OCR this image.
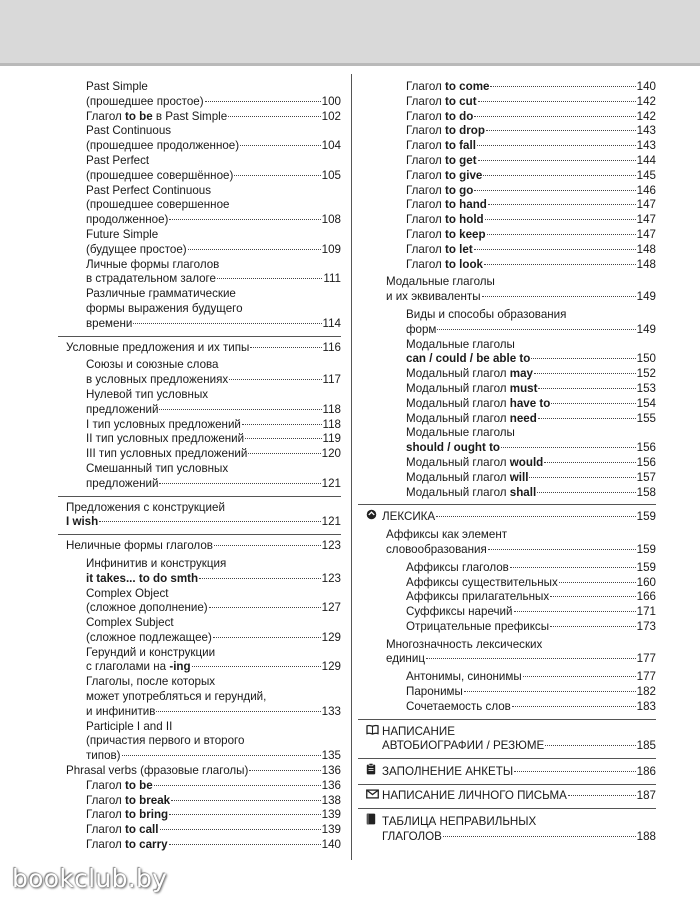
Past Simple
(прошедшее простое)	100
Глагол to be в Past Simple	102
Past Continuous
(прошедшее продолженное)	104
Past Perfect
(прошедшее совершённое)	105
Past Perfect Continuous
(прошедшее совершенное
продолженное)	108
Future Simple
(будущее простое)	109
Личные формы глаголов
в страдательном залоге	111
Различные грамматические
формы выражения будущего
времени	114
Условные предложения и их типы	116
Союзы и союзные слова
в условных предложениях	117
Нулевой тип условных
предложений	118
I тип условных предложений	118
II тип условных предложений	119
III тип условных предложений	120
Смешанный тип условных
предложений	121
Предложения с конструкцией
I wish	121
Неличные формы глаголов	123
Инфинитив и конструкция
it takes... to do smth	123
Complex Object
(сложное дополнение)	127
Complex Subject
(сложное подлежащее)	129
Герундий и конструкции
с глаголами на -ing	129
Глаголы, после которых
может употребляться и герундий,
и инфинитив	133
Participle I and II
(причастия первого и второго
типов)	135
Phrasal verbs (фразовые глаголы)	136
Глагол to be	136
Глагол to break	138
Глагол to bring	139
Глагол to call	139
Глагол to carry	140
Глагол to come	140
Глагол to cut	142
Глагол to do	142
Глагол to drop	143
Глагол to fall	143
Глагол to get	144
Глагол to give	145
Глагол to go	146
Глагол to hand	147
Глагол to hold	147
Глагол to keep	147
Глагол to let	148
Глагол to look	148
Модальные глаголы
и их эквиваленты	149
Виды и способы образования
форм	149
Модальные глаголы
can / could / be able to	150
Модальный глагол may	152
Модальный глагол must	153
Модальный глагол have to	154
Модальный глагол need	155
Модальные глаголы
should / ought to	156
Модальный глагол would	156
Модальный глагол will	157
Модальный глагол shall	158
ЛЕКСИКА	159
Аффиксы как элемент
словообразования	159
Аффиксы глаголов	159
Аффиксы существительных	160
Аффиксы прилагательных	166
Суффиксы наречий	171
Отрицательные префиксы	173
Многозначность лексических
единиц	177
Антонимы, синонимы	177
Паронимы	182
Сочетаемость слов	183
НАПИСАНИЕ
АВТОБИОГРАФИИ / РЕЗЮМЕ	185
ЗАПОЛНЕНИЕ АНКЕТЫ	186
НАПИСАНИЕ ЛИЧНОГО ПИСЬМА	187
ТАБЛИЦА НЕПРАВИЛЬНЫХ
ГЛАГОЛОВ	188
bookclub.by
